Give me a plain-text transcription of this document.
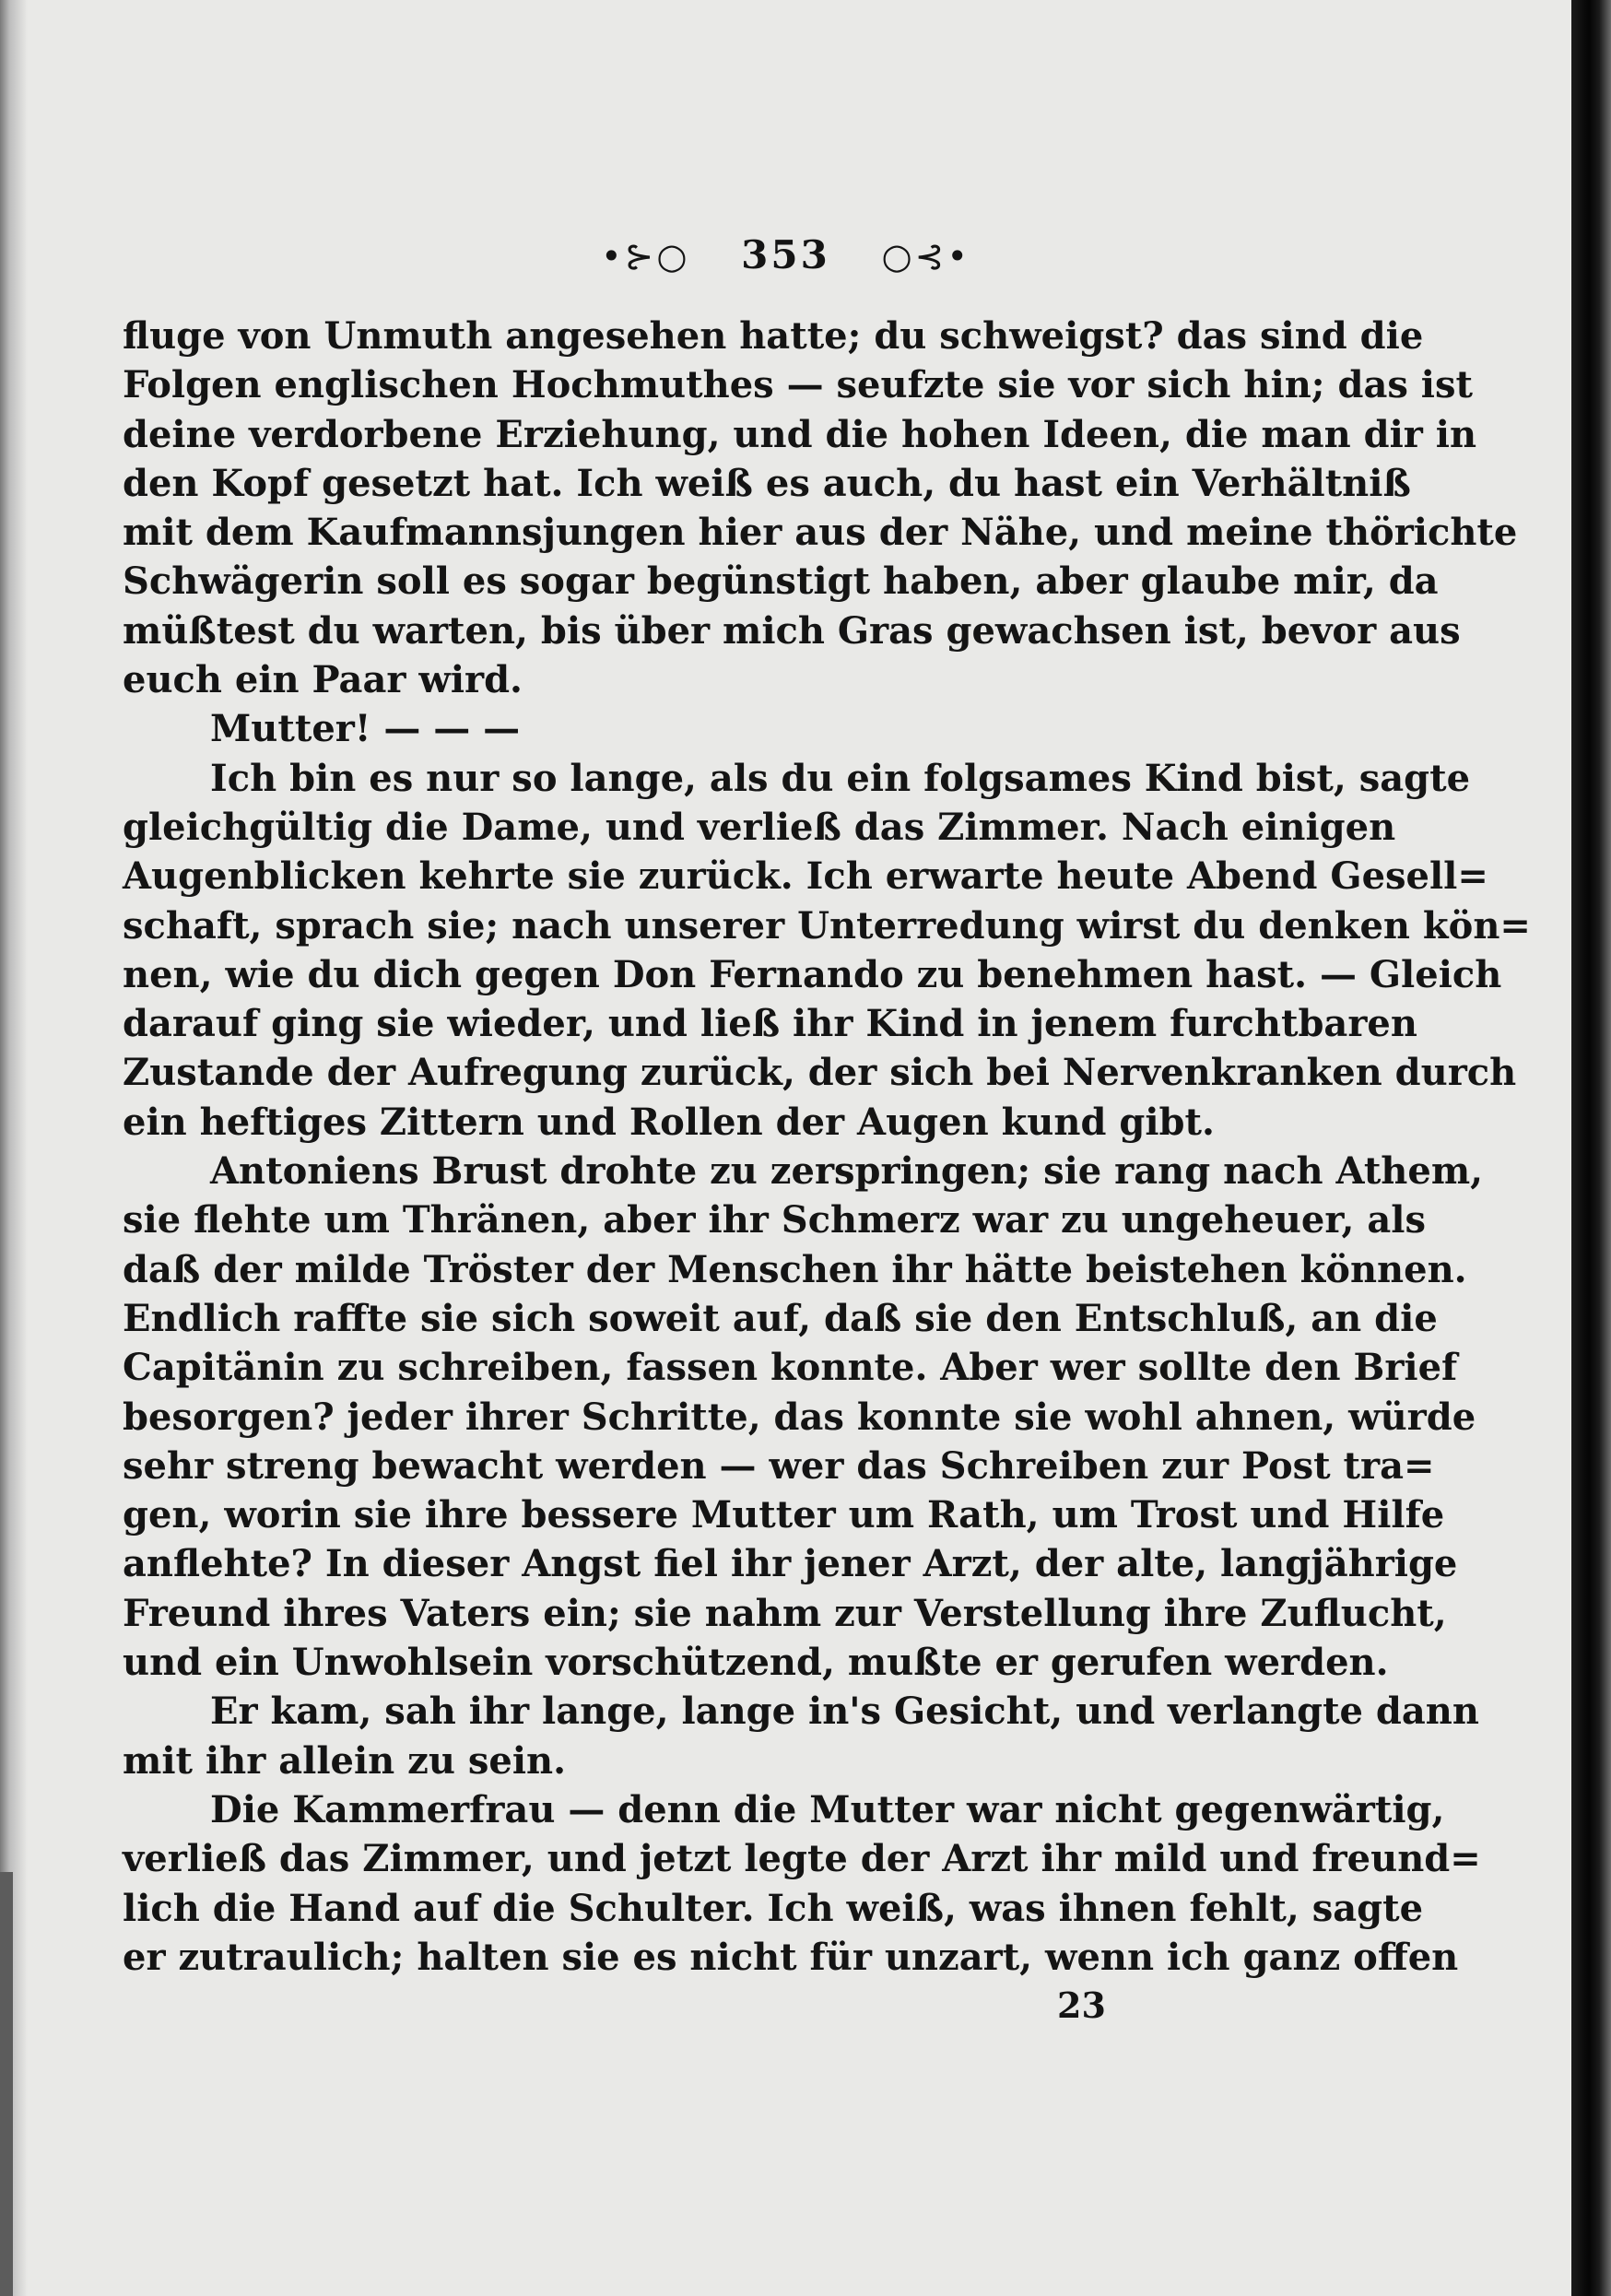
•⊱○ 353 ○⊰•
fluge von Unmuth angesehen hatte; du schweigst? das sind die
Folgen englischen Hochmuthes — seufzte sie vor sich hin; das ist
deine verdorbene Erziehung, und die hohen Ideen, die man dir in
den Kopf gesetzt hat. Ich weiß es auch, du hast ein Verhältniß
mit dem Kaufmannsjungen hier aus der Nähe, und meine thörichte
Schwägerin soll es sogar begünstigt haben, aber glaube mir, da
müßtest du warten, bis über mich Gras gewachsen ist, bevor aus
euch ein Paar wird.
Mutter! — — —
Ich bin es nur so lange, als du ein folgsames Kind bist, sagte
gleichgültig die Dame, und verließ das Zimmer. Nach einigen
Augenblicken kehrte sie zurück. Ich erwarte heute Abend Gesell=
schaft, sprach sie; nach unserer Unterredung wirst du denken kön=
nen, wie du dich gegen Don Fernando zu benehmen hast. — Gleich
darauf ging sie wieder, und ließ ihr Kind in jenem furchtbaren
Zustande der Aufregung zurück, der sich bei Nervenkranken durch
ein heftiges Zittern und Rollen der Augen kund gibt.
Antoniens Brust drohte zu zerspringen; sie rang nach Athem,
sie flehte um Thränen, aber ihr Schmerz war zu ungeheuer, als
daß der milde Tröster der Menschen ihr hätte beistehen können.
Endlich raffte sie sich soweit auf, daß sie den Entschluß, an die
Capitänin zu schreiben, fassen konnte. Aber wer sollte den Brief
besorgen? jeder ihrer Schritte, das konnte sie wohl ahnen, würde
sehr streng bewacht werden — wer das Schreiben zur Post tra=
gen, worin sie ihre bessere Mutter um Rath, um Trost und Hilfe
anflehte? In dieser Angst fiel ihr jener Arzt, der alte, langjährige
Freund ihres Vaters ein; sie nahm zur Verstellung ihre Zuflucht,
und ein Unwohlsein vorschützend, mußte er gerufen werden.
Er kam, sah ihr lange, lange in's Gesicht, und verlangte dann
mit ihr allein zu sein.
Die Kammerfrau — denn die Mutter war nicht gegenwärtig,
verließ das Zimmer, und jetzt legte der Arzt ihr mild und freund=
lich die Hand auf die Schulter. Ich weiß, was ihnen fehlt, sagte
er zutraulich; halten sie es nicht für unzart, wenn ich ganz offen
23
